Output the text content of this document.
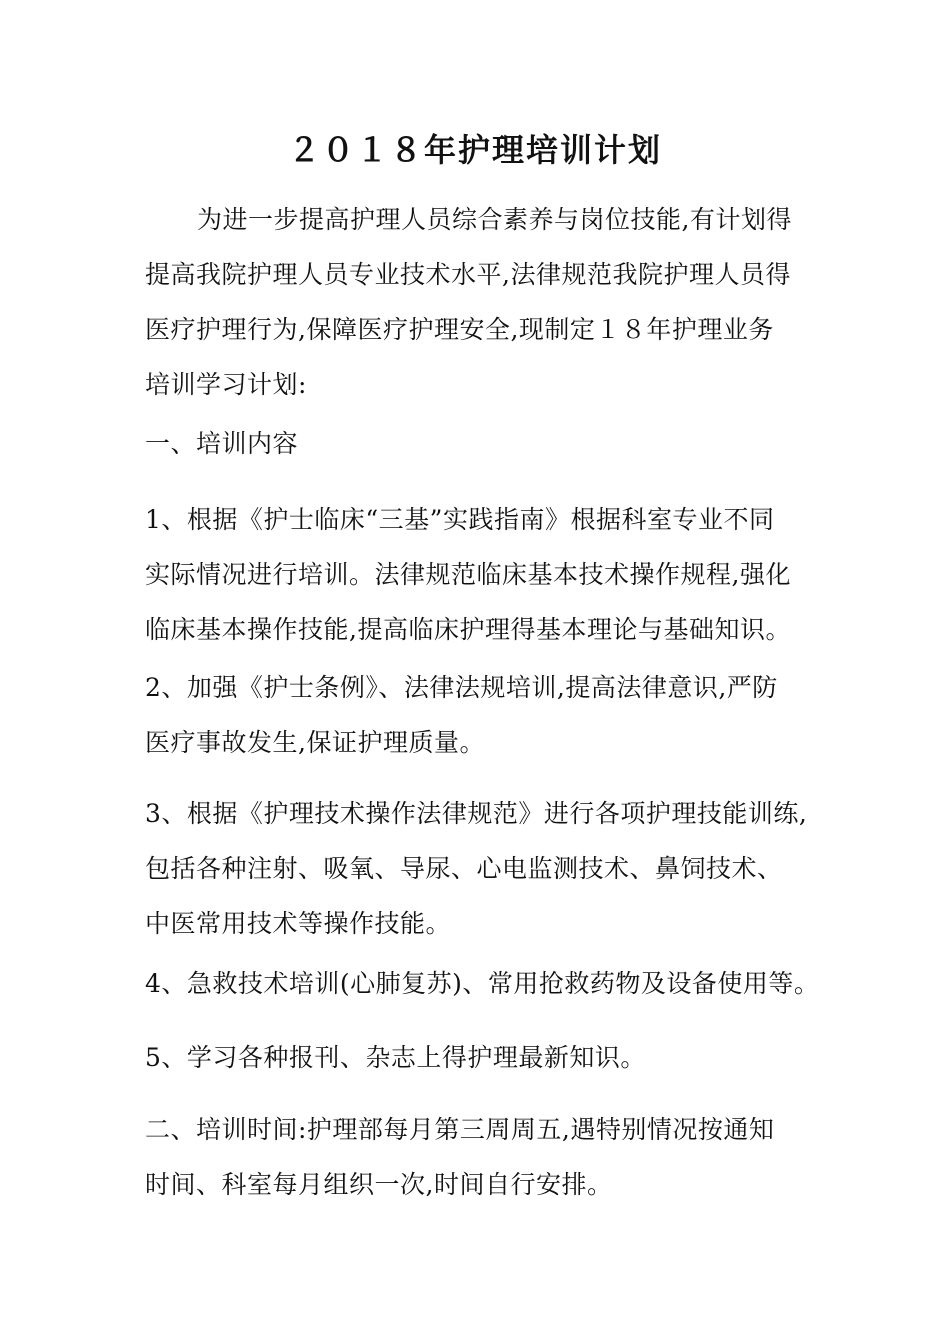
２０１８年护理培训计划
为进一步提高护理人员综合素养与岗位技能,有计划得
提高我院护理人员专业技术水平,法律规范我院护理人员得
医疗护理行为,保障医疗护理安全,现制定１８年护理业务
培训学习计划:
一、培训内容
1、根据《护士临床“三基”实践指南》根据科室专业不同
实际情况进行培训。法律规范临床基本技术操作规程,强化
临床基本操作技能,提高临床护理得基本理论与基础知识。
2、加强《护士条例》、法律法规培训,提高法律意识,严防
医疗事故发生,保证护理质量。
3、根据《护理技术操作法律规范》进行各项护理技能训练,
包括各种注射、吸氧、导尿、心电监测技术、鼻饲技术、
中医常用技术等操作技能。
4、急救技术培训(心肺复苏)、常用抢救药物及设备使用等。
5、学习各种报刊、杂志上得护理最新知识。
二、培训时间:护理部每月第三周周五,遇特别情况按通知
时间、科室每月组织一次,时间自行安排。
